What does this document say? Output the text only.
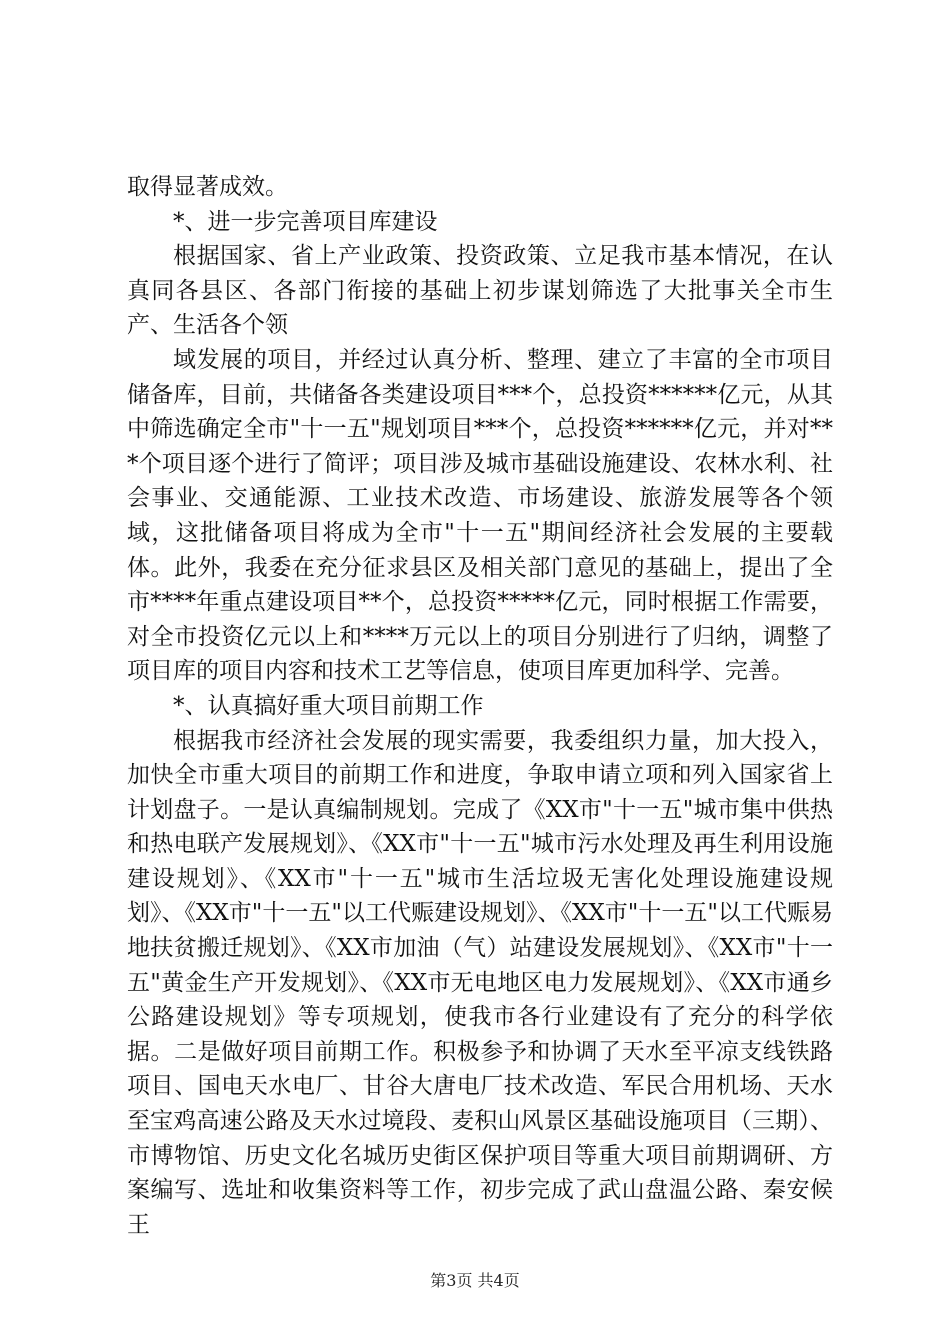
取得显著成效。

*、进一步完善项目库建设

根据国家、省上产业政策、投资政策、立足我市基本情况，在认真同各县区、各部门衔接的基础上初步谋划筛选了大批事关全市生产、生活各个领

域发展的项目，并经过认真分析、整理、建立了丰富的全市项目储备库，目前，共储备各类建设项目***个，总投资******亿元，从其中筛选确定全市"十一五"规划项目***个，总投资******亿元，并对***个项目逐个进行了简评；项目涉及城市基础设施建设、农林水利、社会事业、交通能源、工业技术改造、市场建设、旅游发展等各个领域，这批储备项目将成为全市"十一五"期间经济社会发展的主要载体。此外，我委在充分征求县区及相关部门意见的基础上，提出了全市****年重点建设项目**个，总投资*****亿元，同时根据工作需要，对全市投资亿元以上和****万元以上的项目分别进行了归纳，调整了项目库的项目内容和技术工艺等信息，使项目库更加科学、完善。

*、认真搞好重大项目前期工作

根据我市经济社会发展的现实需要，我委组织力量，加大投入，加快全市重大项目的前期工作和进度，争取申请立项和列入国家省上计划盘子。一是认真编制规划。完成了《XX市"十一五"城市集中供热和热电联产发展规划》、《XX市"十一五"城市污水处理及再生利用设施建设规划》、《XX市"十一五"城市生活垃圾无害化处理设施建设规划》、《XX市"十一五"以工代赈建设规划》、《XX市"十一五"以工代赈易地扶贫搬迁规划》、《XX市加油（气）站建设发展规划》、《XX市"十一五"黄金生产开发规划》、《XX市无电地区电力发展规划》、《XX市通乡公路建设规划》等专项规划，使我市各行业建设有了充分的科学依据。二是做好项目前期工作。积极参予和协调了天水至平凉支线铁路项目、国电天水电厂、甘谷大唐电厂技术改造、军民合用机场、天水至宝鸡高速公路及天水过境段、麦积山风景区基础设施项目（三期）、市博物馆、历史文化名城历史街区保护项目等重大项目前期调研、方案编写、选址和收集资料等工作，初步完成了武山盘温公路、秦安候王

第3页 共4页
